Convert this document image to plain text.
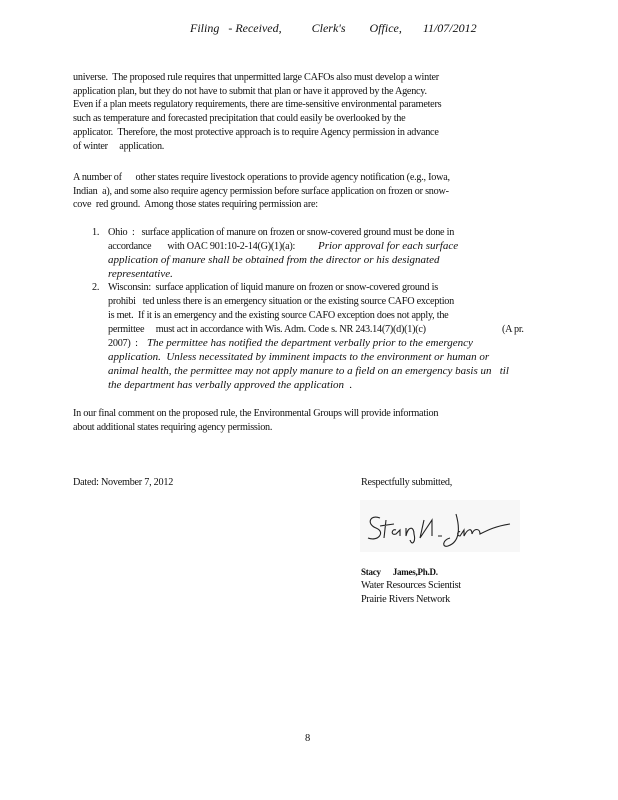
Filing   - Received,          Clerk's        Office,       11/07/2012
universe.  The proposed rule requires that unpermitted large CAFOs also must develop a winter
application plan, but they do not have to submit that plan or have it approved by the Agency.
Even if a plan meets regulatory requirements, there are time-sensitive environmental parameters
such as temperature and forecasted precipitation that could easily be overlooked by the
applicator.  Therefore, the most protective approach is to require Agency permission in advance
of winter     application.
A number of      other states require livestock operations to provide agency notification (e.g., Iowa,
Indian  a), and some also require agency permission before surface application on frozen or snow-
cove  red ground.  Among those states requiring permission are:
1. Ohio  :   surface application of manure on frozen or snow-covered ground must be done in
accordance       with OAC 901:10-2-14(G)(1)(a): Prior approval for each surface
application of manure shall be obtained from the director or his designated
representative.
2. Wisconsin:  surface application of liquid manure on frozen or snow-covered ground is
prohibi   ted unless there is an emergency situation or the existing source CAFO exception
is met.  If it is an emergency and the existing source CAFO exception does not apply, the
permittee     must act in accordance with Wis. Adm. Code s. NR 243.14(7)(d)(1)(c)	(A pr.
2007)  : The permittee has notified the department verbally prior to the emergency
application.  Unless necessitated by imminent impacts to the environment or human or
animal health, the permittee may not apply manure to a field on an emergency basis un   til
the department has verbally approved the application  .
In our final comment on the proposed rule, the Environmental Groups will provide information
about additional states requiring agency permission.
Dated: November 7, 2012	Respectfully submitted,
Stacy      James,Ph.D.
Water Resources Scientist
Prairie Rivers Network
8
